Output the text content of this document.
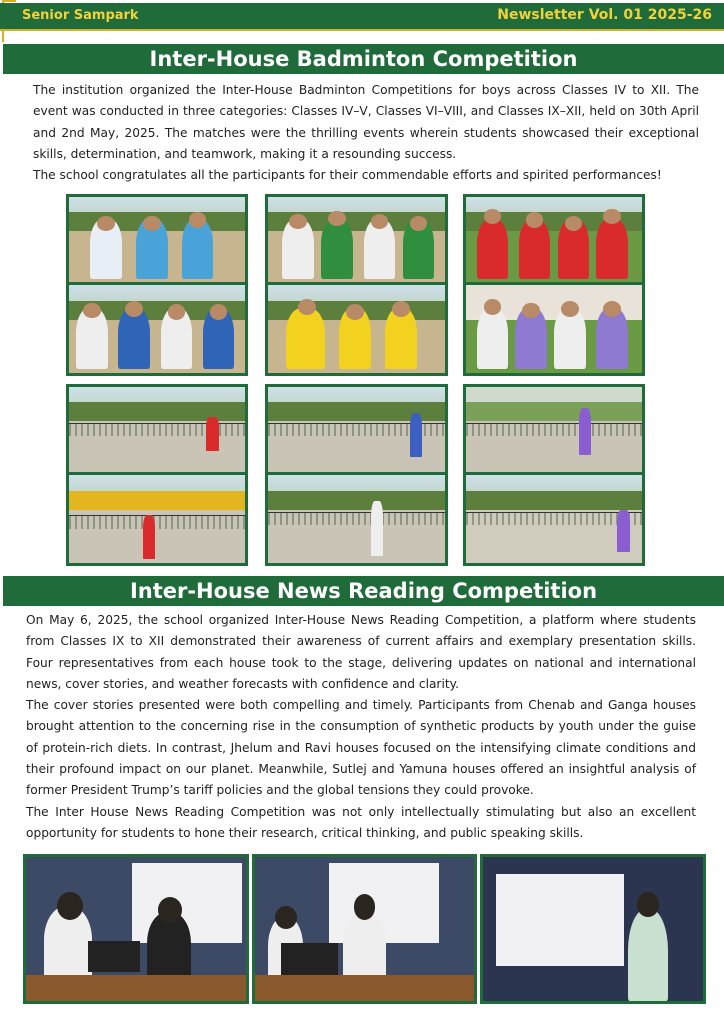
Senior Sampark	Newsletter Vol. 01 2025-26
Inter-House Badminton Competition

The institution organized the Inter-House Badminton Competitions for boys across Classes IV to XII. The event was conducted in three categories: Classes IV–V, Classes VI–VIII, and Classes IX–XII, held on 30th April and 2nd May, 2025. The matches were the thrilling events wherein students showcased their exceptional skills, determination, and teamwork, making it a resounding success.

The school congratulates all the participants for their commendable efforts and spirited performances!

Inter-House News Reading Competition

On May 6, 2025, the school organized Inter-House News Reading Competition, a platform where students from Classes IX to XII demonstrated their awareness of current affairs and exemplary presentation skills. Four representatives from each house took to the stage, delivering updates on national and international news, cover stories, and weather forecasts with confidence and clarity.

The cover stories presented were both compelling and timely. Participants from Chenab and Ganga houses brought attention to the concerning rise in the consumption of synthetic products by youth under the guise of protein-rich diets. In contrast, Jhelum and Ravi houses focused on the intensifying climate conditions and their profound impact on our planet. Meanwhile, Sutlej and Yamuna houses offered an insightful analysis of former President Trump’s tariff policies and the global tensions they could provoke.

The Inter House News Reading Competition was not only intellectually stimulating but also an excellent opportunity for students to hone their research, critical thinking, and public speaking skills.
